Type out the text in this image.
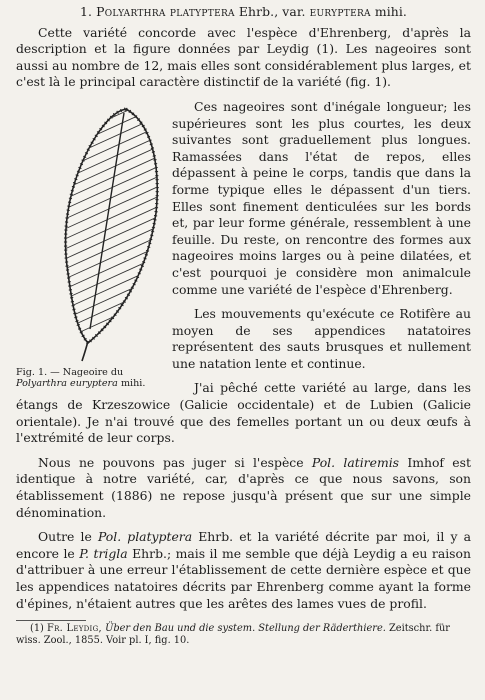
1. Polyarthra platyptera Ehrb., var. euryptera mihi.

Cette variété concorde avec l'espèce d'Ehrenberg, d'après la description et la figure données par Leydig (1). Les nageoires sont aussi au nombre de 12, mais elles sont considérablement plus larges, et c'est là le principal caractère distinctif de la variété (fig. 1).

Fig. 1. — Nageoire du Polyarthra euryptera mihi.

Ces nageoires sont d'inégale longueur; les supérieures sont les plus courtes, les deux suivantes sont graduellement plus longues. Ramassées dans l'état de repos, elles dépassent à peine le corps, tandis que dans la forme typique elles le dépassent d'un tiers. Elles sont finement denticulées sur les bords et, par leur forme générale, ressemblent à une feuille. Du reste, on rencontre des formes aux nageoires moins larges ou à peine dilatées, et c'est pourquoi je considère mon animalcule comme une variété de l'espèce d'Ehrenberg.

Les mouvements qu'exécute ce Rotifère au moyen de ses appendices natatoires représentent des sauts brusques et nullement une natation lente et continue.

J'ai pêché cette variété au large, dans les étangs de Krzeszowice (Galicie occidentale) et de Lubien (Galicie orientale). Je n'ai trouvé que des femelles portant un ou deux œufs à l'extrémité de leur corps.

Nous ne pouvons pas juger si l'espèce Pol. latiremis Imhof est identique à notre variété, car, d'après ce que nous savons, son établissement (1886) ne repose jusqu'à présent que sur une simple dénomination.

Outre le Pol. platyptera Ehrb. et la variété décrite par moi, il y a encore le P. trigla Ehrb.; mais il me semble que déjà Leydig a eu raison d'attribuer à une erreur l'établissement de cette dernière espèce et que les appendices natatoires décrits par Ehrenberg comme ayant la forme d'épines, n'étaient autres que les arêtes des lames vues de profil.

(1) Fr. Leydig, Über den Bau und die system. Stellung der Räderthiere. Zeitschr. für wiss. Zool., 1855. Voir pl. I, fig. 10.
